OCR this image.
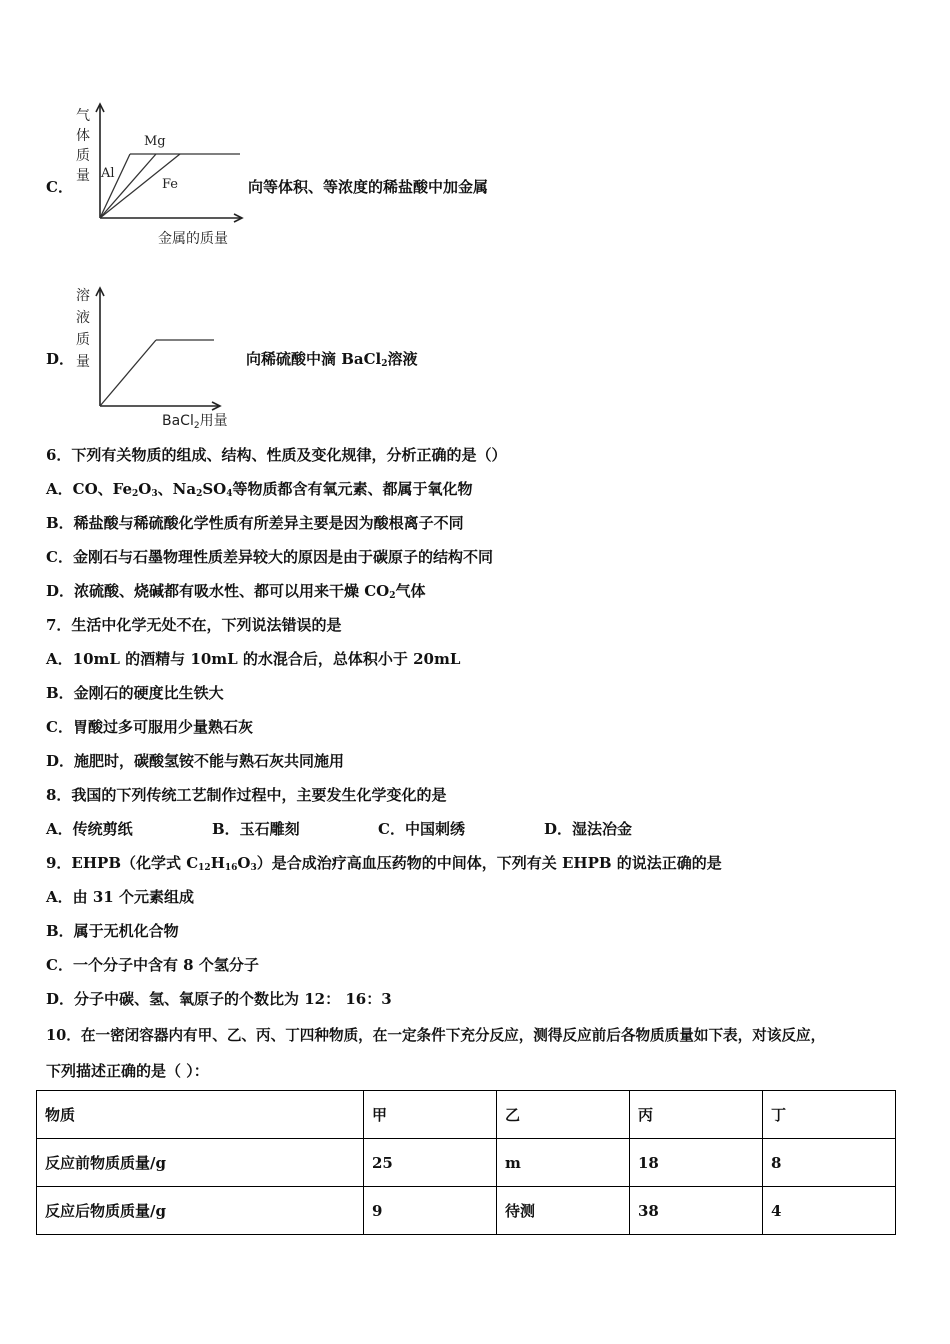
C．
气
体
质
量
Mg
Al
Fe
金属的质量
向等体积、等浓度的稀盐酸中加金属
D．
溶
液
质
量
BaCl$_2$用量
向稀硫酸中滴 BaCl$_2$溶液
6．下列有关物质的组成、结构、性质及变化规律，分析正确的是（）
A．CO、$Fe_2O_3$、$Na_2SO_4$等物质都含有氧元素、都属于氧化物
B．稀盐酸与稀硫酸化学性质有所差异主要是因为酸根离子不同
C．金刚石与石墨物理性质差异较大的原因是由于碳原子的结构不同
D．浓硫酸、烧碱都有吸水性、都可以用来干燥 $CO_2$气体
7．生活中化学无处不在，下列说法错误的是
A．10mL 的酒精与 10mL 的水混合后，总体积小于 20mL
B．金刚石的硬度比生铁大
C．胃酸过多可服用少量熟石灰
D．施肥时，碳酸氢铵不能与熟石灰共同施用
8．我国的下列传统工艺制作过程中，主要发生化学变化的是
A．传统剪纸	B．玉石雕刻	C．中国刺绣	D．湿法冶金
9．EHPB（化学式 $C_{12}H_{16}O_3$）是合成治疗高血压药物的中间体，下列有关 EHPB 的说法正确的是
A．由 31 个元素组成
B．属于无机化合物
C．一个分子中含有 8 个氢分子
D．分子中碳、氢、氧原子的个数比为 12： 16：3
10．在一密闭容器内有甲、乙、丙、丁四种物质，在一定条件下充分反应，测得反应前后各物质质量如下表，对该反应，
下列描述正确的是（ ）：
物质	甲	乙	丙	丁
反应前物质质量/g	25	m	18	8
反应后物质质量/g	9	待测	38	4
